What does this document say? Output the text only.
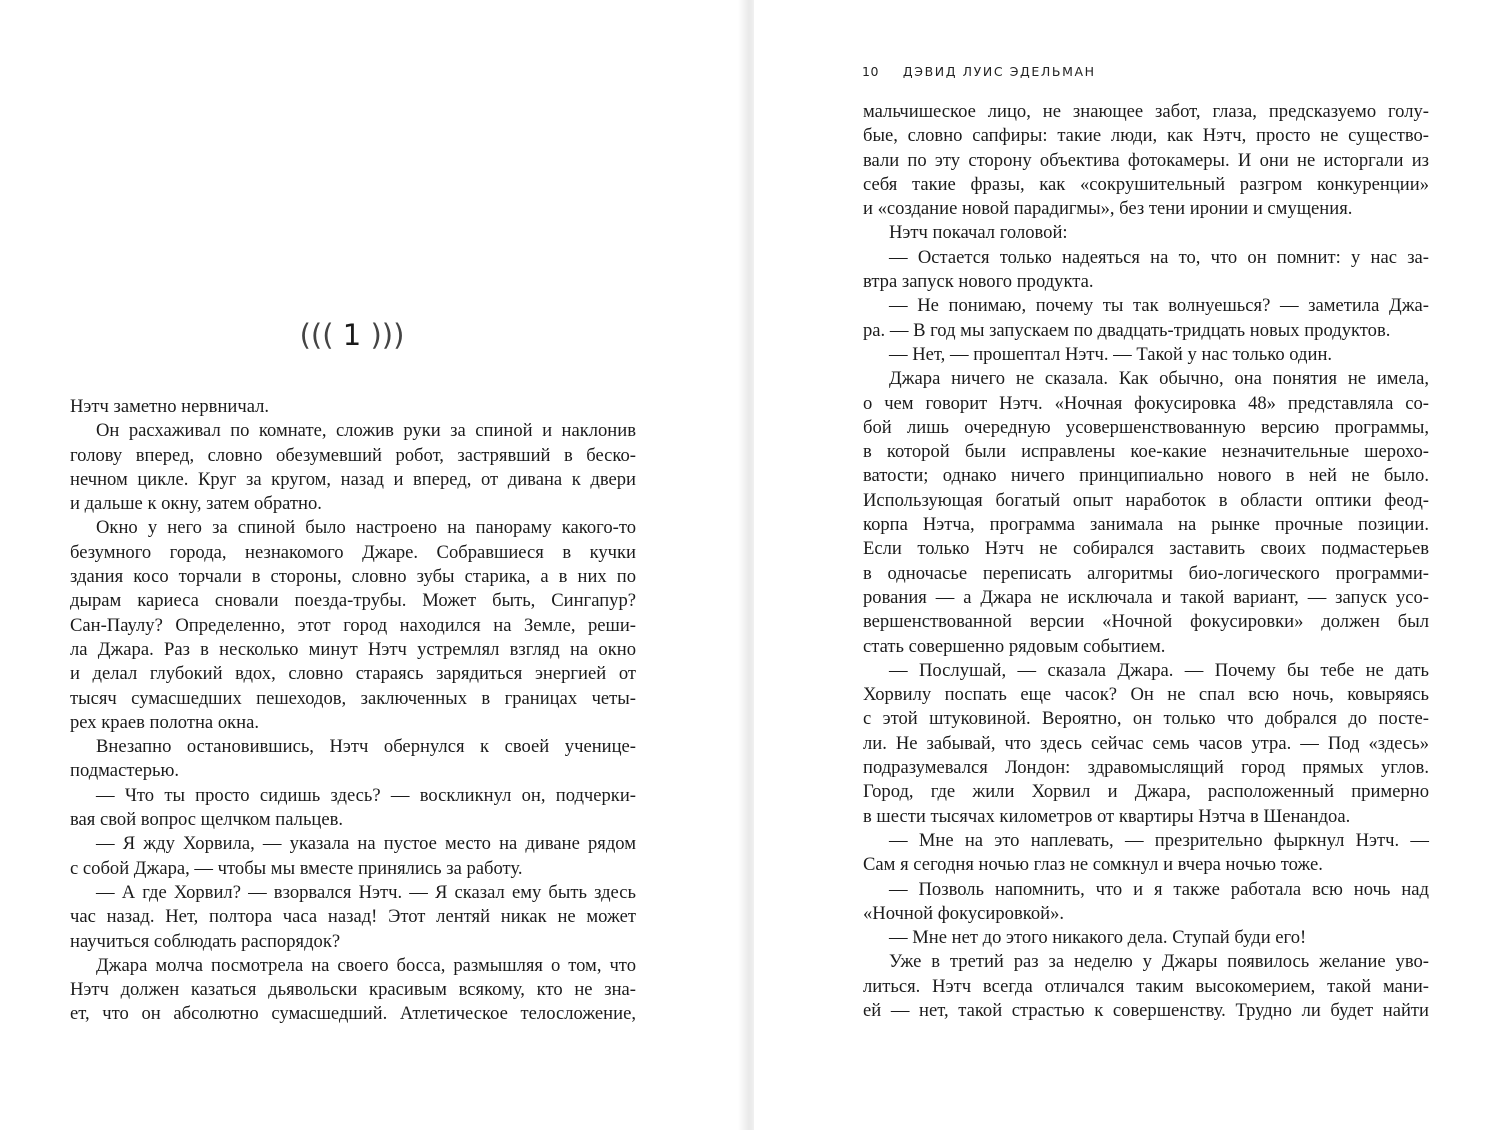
((( 1 )))
Нэтч заметно нервничал.
Он расхаживал по комнате, сложив руки за спиной и наклонив
голову вперед, словно обезумевший робот, застрявший в беско-
нечном цикле. Круг за кругом, назад и вперед, от дивана к двери
и дальше к окну, затем обратно.
Окно у него за спиной было настроено на панораму какого-то
безумного города, незнакомого Джаре. Собравшиеся в кучки
здания косо торчали в стороны, словно зубы старика, а в них по
дырам кариеса сновали поезда-трубы. Может быть, Сингапур?
Сан-Паулу? Определенно, этот город находился на Земле, реши-
ла Джара. Раз в несколько минут Нэтч устремлял взгляд на окно
и делал глубокий вдох, словно стараясь зарядиться энергией от
тысяч сумасшедших пешеходов, заключенных в границах четы-
рех краев полотна окна.
Внезапно остановившись, Нэтч обернулся к своей ученице-
подмастерью.
— Что ты просто сидишь здесь? — воскликнул он, подчерки-
вая свой вопрос щелчком пальцев.
— Я жду Хорвила, — указала на пустое место на диване рядом
с собой Джара, — чтобы мы вместе принялись за работу.
— А где Хорвил? — взорвался Нэтч. — Я сказал ему быть здесь
час назад. Нет, полтора часа назад! Этот лентяй никак не может
научиться соблюдать распорядок?
Джара молча посмотрела на своего босса, размышляя о том, что
Нэтч должен казаться дьявольски красивым всякому, кто не зна-
ет, что он абсолютно сумасшедший. Атлетическое телосложение,
10 ДЭВИД ЛУИС ЭДЕЛЬМАН
мальчишеское лицо, не знающее забот, глаза, предсказуемо голу-
бые, словно сапфиры: такие люди, как Нэтч, просто не существо-
вали по эту сторону объектива фотокамеры. И они не исторгали из
себя такие фразы, как «сокрушительный разгром конкуренции»
и «создание новой парадигмы», без тени иронии и смущения.
Нэтч покачал головой:
— Остается только надеяться на то, что он помнит: у нас за-
втра запуск нового продукта.
— Не понимаю, почему ты так волнуешься? — заметила Джа-
ра. — В год мы запускаем по двадцать-тридцать новых продуктов.
— Нет, — прошептал Нэтч. — Такой у нас только один.
Джара ничего не сказала. Как обычно, она понятия не имела,
о чем говорит Нэтч. «Ночная фокусировка 48» представляла со-
бой лишь очередную усовершенствованную версию программы,
в которой были исправлены кое-какие незначительные шерохо-
ватости; однако ничего принципиально нового в ней не было.
Использующая богатый опыт наработок в области оптики феод-
корпа Нэтча, программа занимала на рынке прочные позиции.
Если только Нэтч не собирался заставить своих подмастерьев
в одночасье переписать алгоритмы био-логического программи-
рования — а Джара не исключала и такой вариант, — запуск усо-
вершенствованной версии «Ночной фокусировки» должен был
стать совершенно рядовым событием.
— Послушай, — сказала Джара. — Почему бы тебе не дать
Хорвилу поспать еще часок? Он не спал всю ночь, ковыряясь
с этой штуковиной. Вероятно, он только что добрался до посте-
ли. Не забывай, что здесь сейчас семь часов утра. — Под «здесь»
подразумевался Лондон: здравомыслящий город прямых углов.
Город, где жили Хорвил и Джара, расположенный примерно
в шести тысячах километров от квартиры Нэтча в Шенандоа.
— Мне на это наплевать, — презрительно фыркнул Нэтч. —
Сам я сегодня ночью глаз не сомкнул и вчера ночью тоже.
— Позволь напомнить, что и я также работала всю ночь над
«Ночной фокусировкой».
— Мне нет до этого никакого дела. Ступай буди его!
Уже в третий раз за неделю у Джары появилось желание уво-
литься. Нэтч всегда отличался таким высокомерием, такой мани-
ей — нет, такой страстью к совершенству. Трудно ли будет найти
